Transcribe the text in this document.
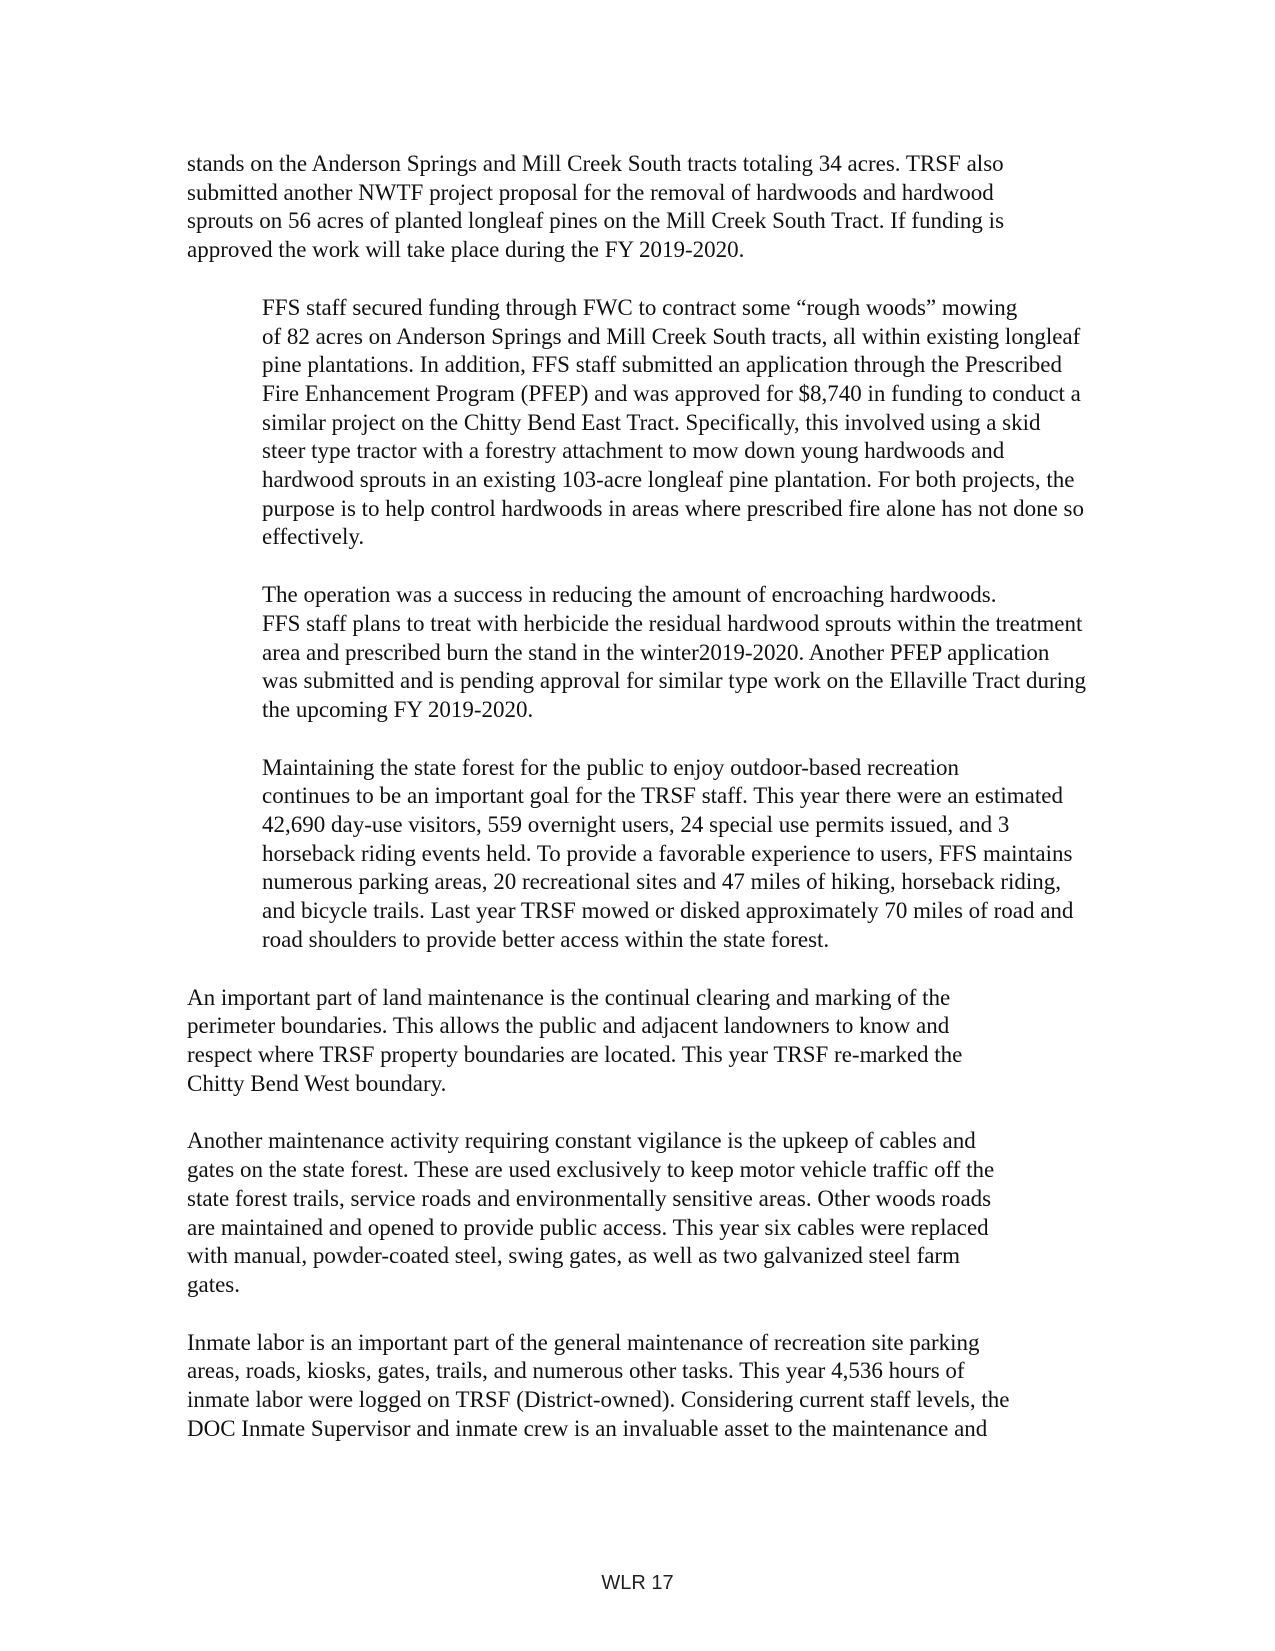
stands on the Anderson Springs and Mill Creek South tracts totaling 34 acres. TRSF also
submitted another NWTF project proposal for the removal of hardwoods and hardwood
sprouts on 56 acres of planted longleaf pines on the Mill Creek South Tract. If funding is
approved the work will take place during the FY 2019-2020.

FFS staff secured funding through FWC to contract some “rough woods” mowing
of 82 acres on Anderson Springs and Mill Creek South tracts, all within existing longleaf
pine plantations. In addition, FFS staff submitted an application through the Prescribed
Fire Enhancement Program (PFEP) and was approved for $8,740 in funding to conduct a
similar project on the Chitty Bend East Tract. Specifically, this involved using a skid
steer type tractor with a forestry attachment to mow down young hardwoods and
hardwood sprouts in an existing 103-acre longleaf pine plantation. For both projects, the
purpose is to help control hardwoods in areas where prescribed fire alone has not done so
effectively.

The operation was a success in reducing the amount of encroaching hardwoods.
FFS staff plans to treat with herbicide the residual hardwood sprouts within the treatment
area and prescribed burn the stand in the winter2019-2020. Another PFEP application
was submitted and is pending approval for similar type work on the Ellaville Tract during
the upcoming FY 2019-2020.

Maintaining the state forest for the public to enjoy outdoor-based recreation
continues to be an important goal for the TRSF staff. This year there were an estimated
42,690 day-use visitors, 559 overnight users, 24 special use permits issued, and 3
horseback riding events held. To provide a favorable experience to users, FFS maintains
numerous parking areas, 20 recreational sites and 47 miles of hiking, horseback riding,
and bicycle trails. Last year TRSF mowed or disked approximately 70 miles of road and
road shoulders to provide better access within the state forest.

An important part of land maintenance is the continual clearing and marking of the
perimeter boundaries. This allows the public and adjacent landowners to know and
respect where TRSF property boundaries are located. This year TRSF re-marked the
Chitty Bend West boundary.

Another maintenance activity requiring constant vigilance is the upkeep of cables and
gates on the state forest. These are used exclusively to keep motor vehicle traffic off the
state forest trails, service roads and environmentally sensitive areas. Other woods roads
are maintained and opened to provide public access. This year six cables were replaced
with manual, powder-coated steel, swing gates, as well as two galvanized steel farm
gates.

Inmate labor is an important part of the general maintenance of recreation site parking
areas, roads, kiosks, gates, trails, and numerous other tasks. This year 4,536 hours of
inmate labor were logged on TRSF (District-owned). Considering current staff levels, the
DOC Inmate Supervisor and inmate crew is an invaluable asset to the maintenance and

WLR 17
